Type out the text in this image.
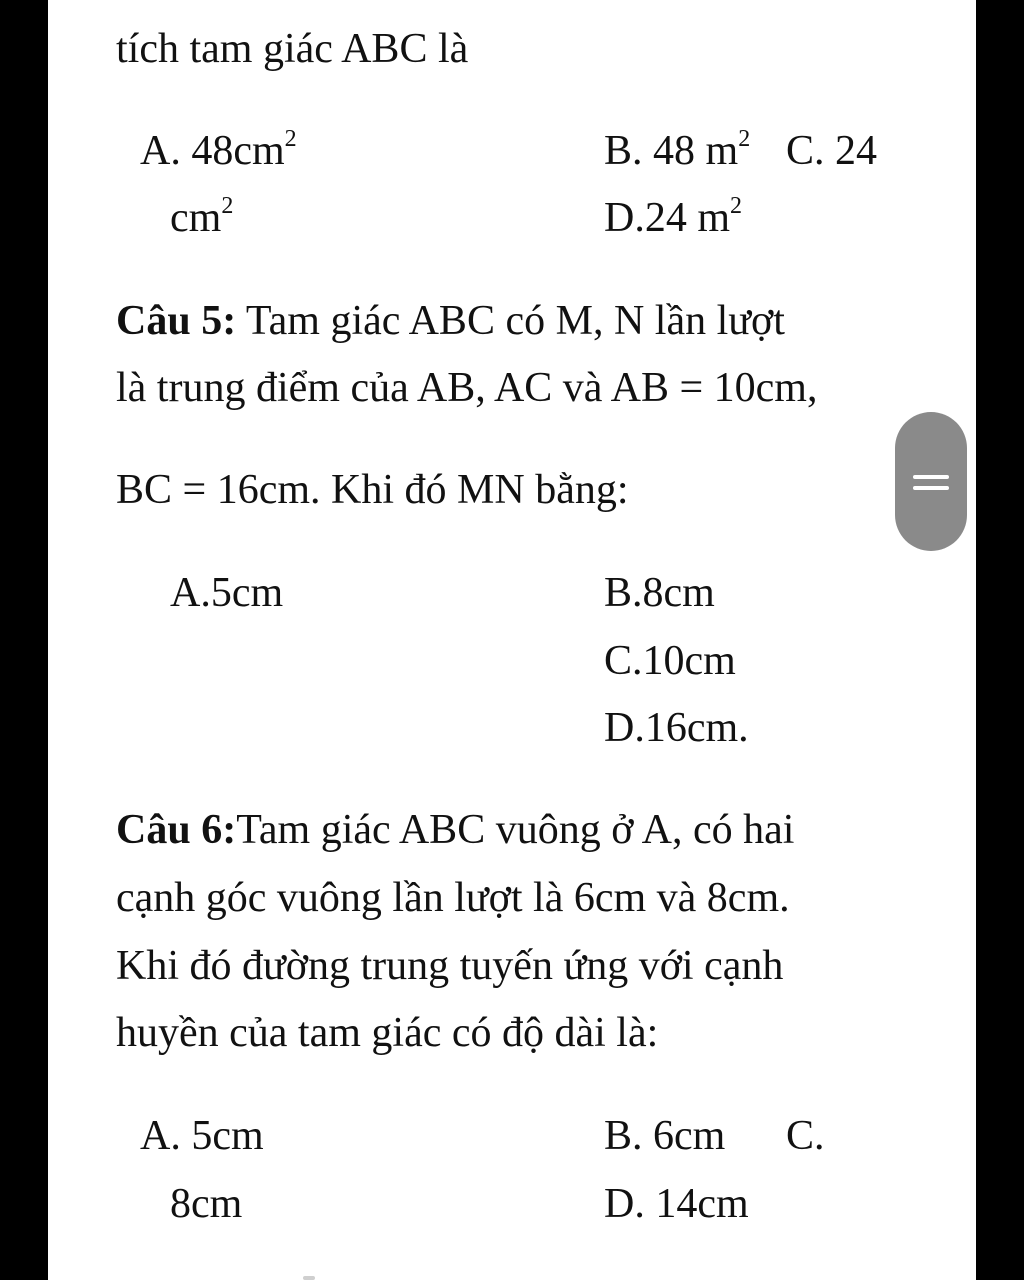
tích tam giác ABC là
A. $48cm^2$	B. 48 $m^2$ C. 24
$cm^2$	D.24 $m^2$
Câu 5: Tam giác ABC có M, N lần lượt
là trung điểm của AB, AC và AB = 10cm,
BC = 16cm. Khi đó MN bằng:
A.5cm	B.8cm
C.10cm
D.16cm.
Câu 6:Tam giác ABC vuông ở A, có hai
cạnh góc vuông lần lượt là 6cm và 8cm.
Khi đó đường trung tuyến ứng với cạnh
huyền của tam giác có độ dài là:
A. 5cm	B. 6cm C.
8cm	D. 14cm
